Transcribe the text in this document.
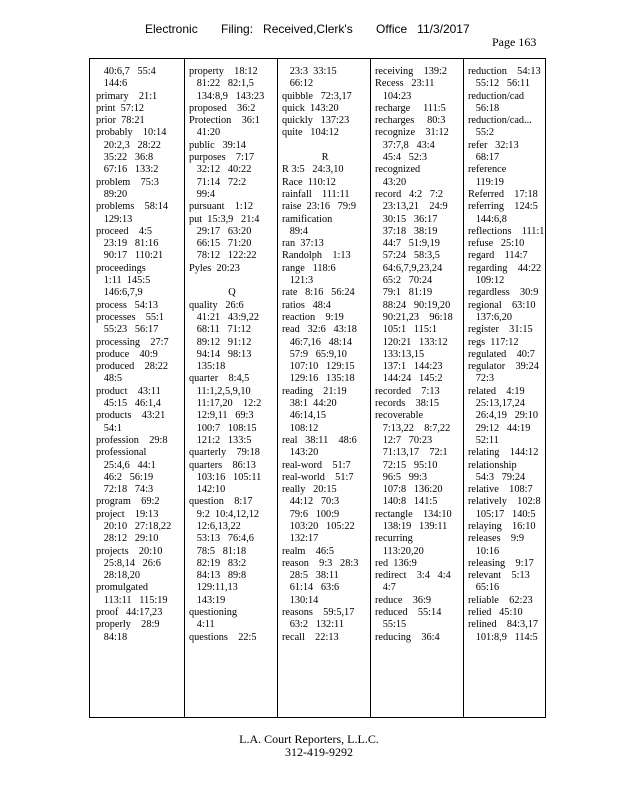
Electronic       Filing:   Received,Clerk's       Office   11/3/2017
Page 163
40:6,7   55:4
144:6
primary    21:1
print  57:12
prior  78:21
probably    10:14
20:2,3   28:22
35:22   36:8
67:16   133:2
problem    75:3
89:20
problems    58:14
129:13
proceed    4:5
23:19   81:16
90:17   110:21
proceedings
1:11  145:5
146:6,7,9
process   54:13
processes    55:1
55:23   56:17
processing    27:7
produce    40:9
produced    28:22
48:5
product    43:11
45:15   46:1,4
products    43:21
54:1
profession    29:8
professional
25:4,6   44:1
46:2   56:19
72:18   74:3
program    69:2
project    19:13
20:10   27:18,22
28:12   29:10
projects    20:10
25:8,14   26:6
28:18,20
promulgated
113:11   115:19
proof   44:17,23
properly    28:9
84:18
property    18:12
81:22   82:1,5
134:8,9   143:23
proposed    36:2
Protection    36:1
41:20
public   39:14
purposes    7:17
32:12   40:22
71:14   72:2
99:4
pursuant    1:12
put  15:3,9   21:4
29:17   63:20
66:15   71:20
78:12   122:22
Pyles  20:23
Q
quality   26:6
41:21   43:9,22
68:11   71:12
89:12   91:12
94:14   98:13
135:18
quarter    8:4,5
11:1,2,5,9,10
11:17,20    12:2
12:9,11   69:3
100:7   108:15
121:2   133:5
quarterly    79:18
quarters    86:13
103:16   105:11
142:10
question    8:17
9:2  10:4,12,12
12:6,13,22
53:13   76:4,6
78:5   81:18
82:19   83:2
84:13   89:8
129:11,13
143:19
questioning
4:11
questions    22:5
23:3  33:15
66:12
quibble   72:3,17
quick  143:20
quickly   137:23
quite   104:12
R
R 3:5   24:3,10
Race  110:12
rainfall    111:11
raise  23:16   79:9
ramification
89:4
ran  37:13
Randolph    1:13
range   118:6
121:3
rate   8:16   56:24
ratios   48:4
reaction    9:19
read   32:6   43:18
46:7,16   48:14
57:9   65:9,10
107:10   129:15
129:16   135:18
reading    21:19
38:1  44:20
46:14,15
108:12
real   38:11    48:6
143:20
real-word    51:7
real-world    51:7
really   20:15
44:12   70:3
79:6   100:9
103:20   105:22
132:17
realm    46:5
reason    9:3   28:3
28:5   38:11
61:14   63:6
130:14
reasons    59:5,17
63:2   132:11
recall    22:13
receiving    139:2
Recess   23:11
104:23
recharge     111:5
recharges     80:3
recognize    31:12
37:7,8   43:4
45:4   52:3
recognized
43:20
record   4:2   7:2
23:13,21    24:9
30:15   36:17
37:18   38:19
44:7   51:9,19
57:24   58:3,5
64:6,7,9,23,24
65:2   70:24
79:1   81:19
88:24   90:19,20
90:21,23    96:18
105:1   115:1
120:21   133:12
133:13,15
137:1   144:23
144:24   145:2
recorded    7:13
records    38:15
recoverable
7:13,22    8:7,22
12:7   70:23
71:13,17    72:1
72:15   95:10
96:5   99:3
107:8   136:20
140:8   141:5
rectangle    134:10
138:19   139:11
recurring
113:20,20
red  136:9
redirect    3:4   4:4
4:7
reduce    36:9
reduced    55:14
55:15
reducing    36:4
reduction    54:13
55:12   56:11
reduction/cad
56:18
reduction/cad...
55:2
refer   32:13
68:17
reference
119:19
Referred    17:18
referring    124:5
144:6,8
reflections    111:1
refuse   25:10
regard    114:7
regarding    44:22
109:12
regardless    30:9
regional    63:10
137:6,20
register    31:15
regs  117:12
regulated    40:7
regulator    39:24
72:3
related    4:19
25:13,17,24
26:4,19   29:10
29:12   44:19
52:11
relating    144:12
relationship
54:3   79:24
relative    108:7
relatively    102:8
105:17   140:5
relaying    16:10
releases    9:9
10:16
releasing    9:17
relevant    5:13
65:16
reliable    62:23
relied   45:10
relined    84:3,17
101:8,9   114:5
L.A. Court Reporters, L.L.C.
312-419-9292
